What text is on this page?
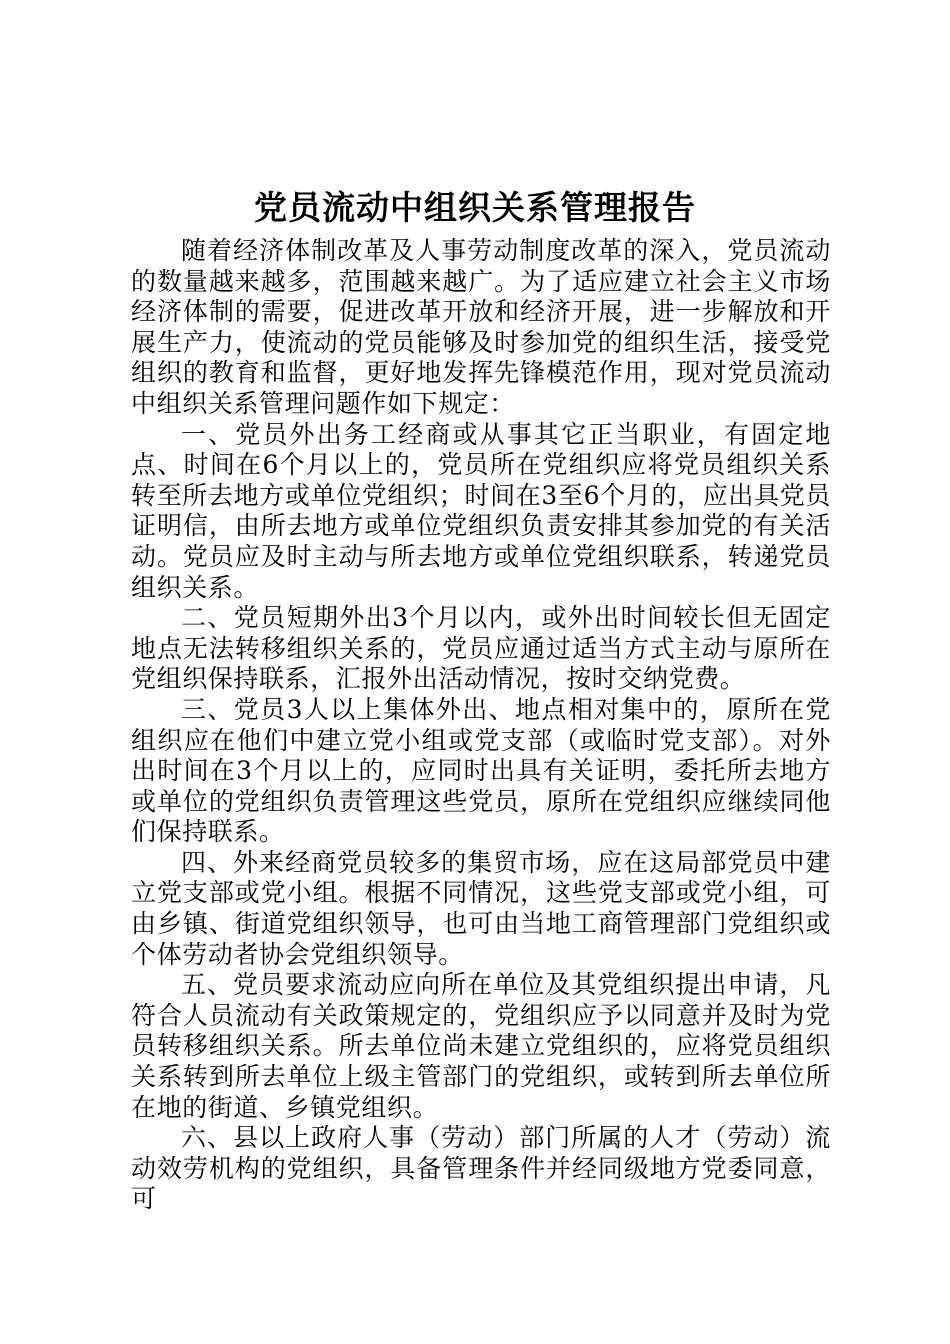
党员流动中组织关系管理报告

随着经济体制改革及人事劳动制度改革的深入，党员流动的数量越来越多，范围越来越广。为了适应建立社会主义市场经济体制的需要，促进改革开放和经济开展，进一步解放和开展生产力，使流动的党员能够及时参加党的组织生活，接受党组织的教育和监督，更好地发挥先锋模范作用，现对党员流动中组织关系管理问题作如下规定：

一、党员外出务工经商或从事其它正当职业，有固定地点、时间在6个月以上的，党员所在党组织应将党员组织关系转至所去地方或单位党组织；时间在3至6个月的，应出具党员证明信，由所去地方或单位党组织负责安排其参加党的有关活动。党员应及时主动与所去地方或单位党组织联系，转递党员组织关系。

二、党员短期外出3个月以内，或外出时间较长但无固定地点无法转移组织关系的，党员应通过适当方式主动与原所在党组织保持联系，汇报外出活动情况，按时交纳党费。

三、党员3人以上集体外出、地点相对集中的，原所在党组织应在他们中建立党小组或党支部（或临时党支部）。对外出时间在3个月以上的，应同时出具有关证明，委托所去地方或单位的党组织负责管理这些党员，原所在党组织应继续同他们保持联系。

四、外来经商党员较多的集贸市场，应在这局部党员中建立党支部或党小组。根据不同情况，这些党支部或党小组，可由乡镇、街道党组织领导，也可由当地工商管理部门党组织或个体劳动者协会党组织领导。

五、党员要求流动应向所在单位及其党组织提出申请，凡符合人员流动有关政策规定的，党组织应予以同意并及时为党员转移组织关系。所去单位尚未建立党组织的，应将党员组织关系转到所去单位上级主管部门的党组织，或转到所去单位所在地的街道、乡镇党组织。

六、县以上政府人事（劳动）部门所属的人才（劳动）流动效劳机构的党组织，具备管理条件并经同级地方党委同意，可
